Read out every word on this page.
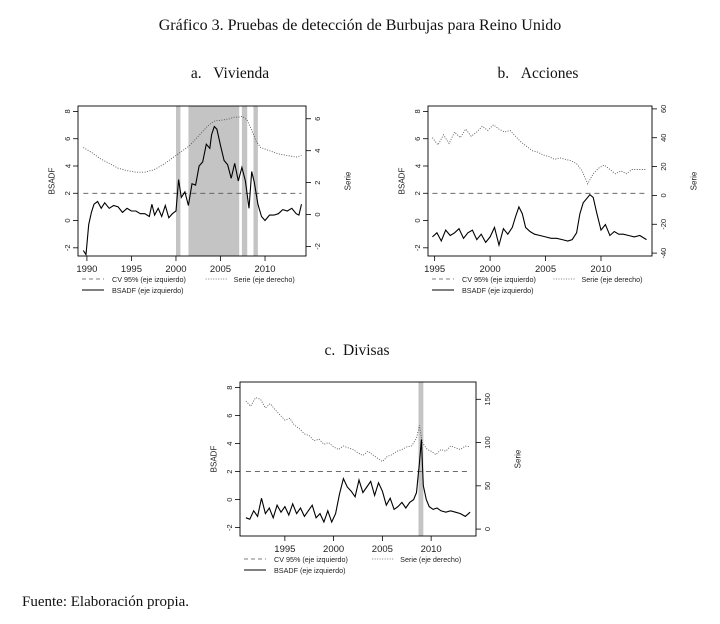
Gráfico 3. Pruebas de detección de Burbujas para Reino Unido
a. Vivienda	b. Acciones
c. Divisas
1990 1995 2000 2005 2010
-2
0
2
4
6
8
-2
0
2
4
6
BSADF	Serie
CV 95% (eje izquierdo)
BSADF (eje izquierdo)
Serie (eje derecho)
1995	2000	2005	2010
-2
0
2
4
6
8
-40
-20
0
20
40
60
BSADF	Serie
CV 95% (eje izquierdo)
BSADF (eje izquierdo)
Serie (eje derecho)
1995	2000	2005	2010
-2
0
2
4
6
8
0
50
100
150
BSADF	Serie
CV 95% (eje izquierdo)
BSADF (eje izquierdo)
Serie (eje derecho)
Fuente: Elaboración propia.
